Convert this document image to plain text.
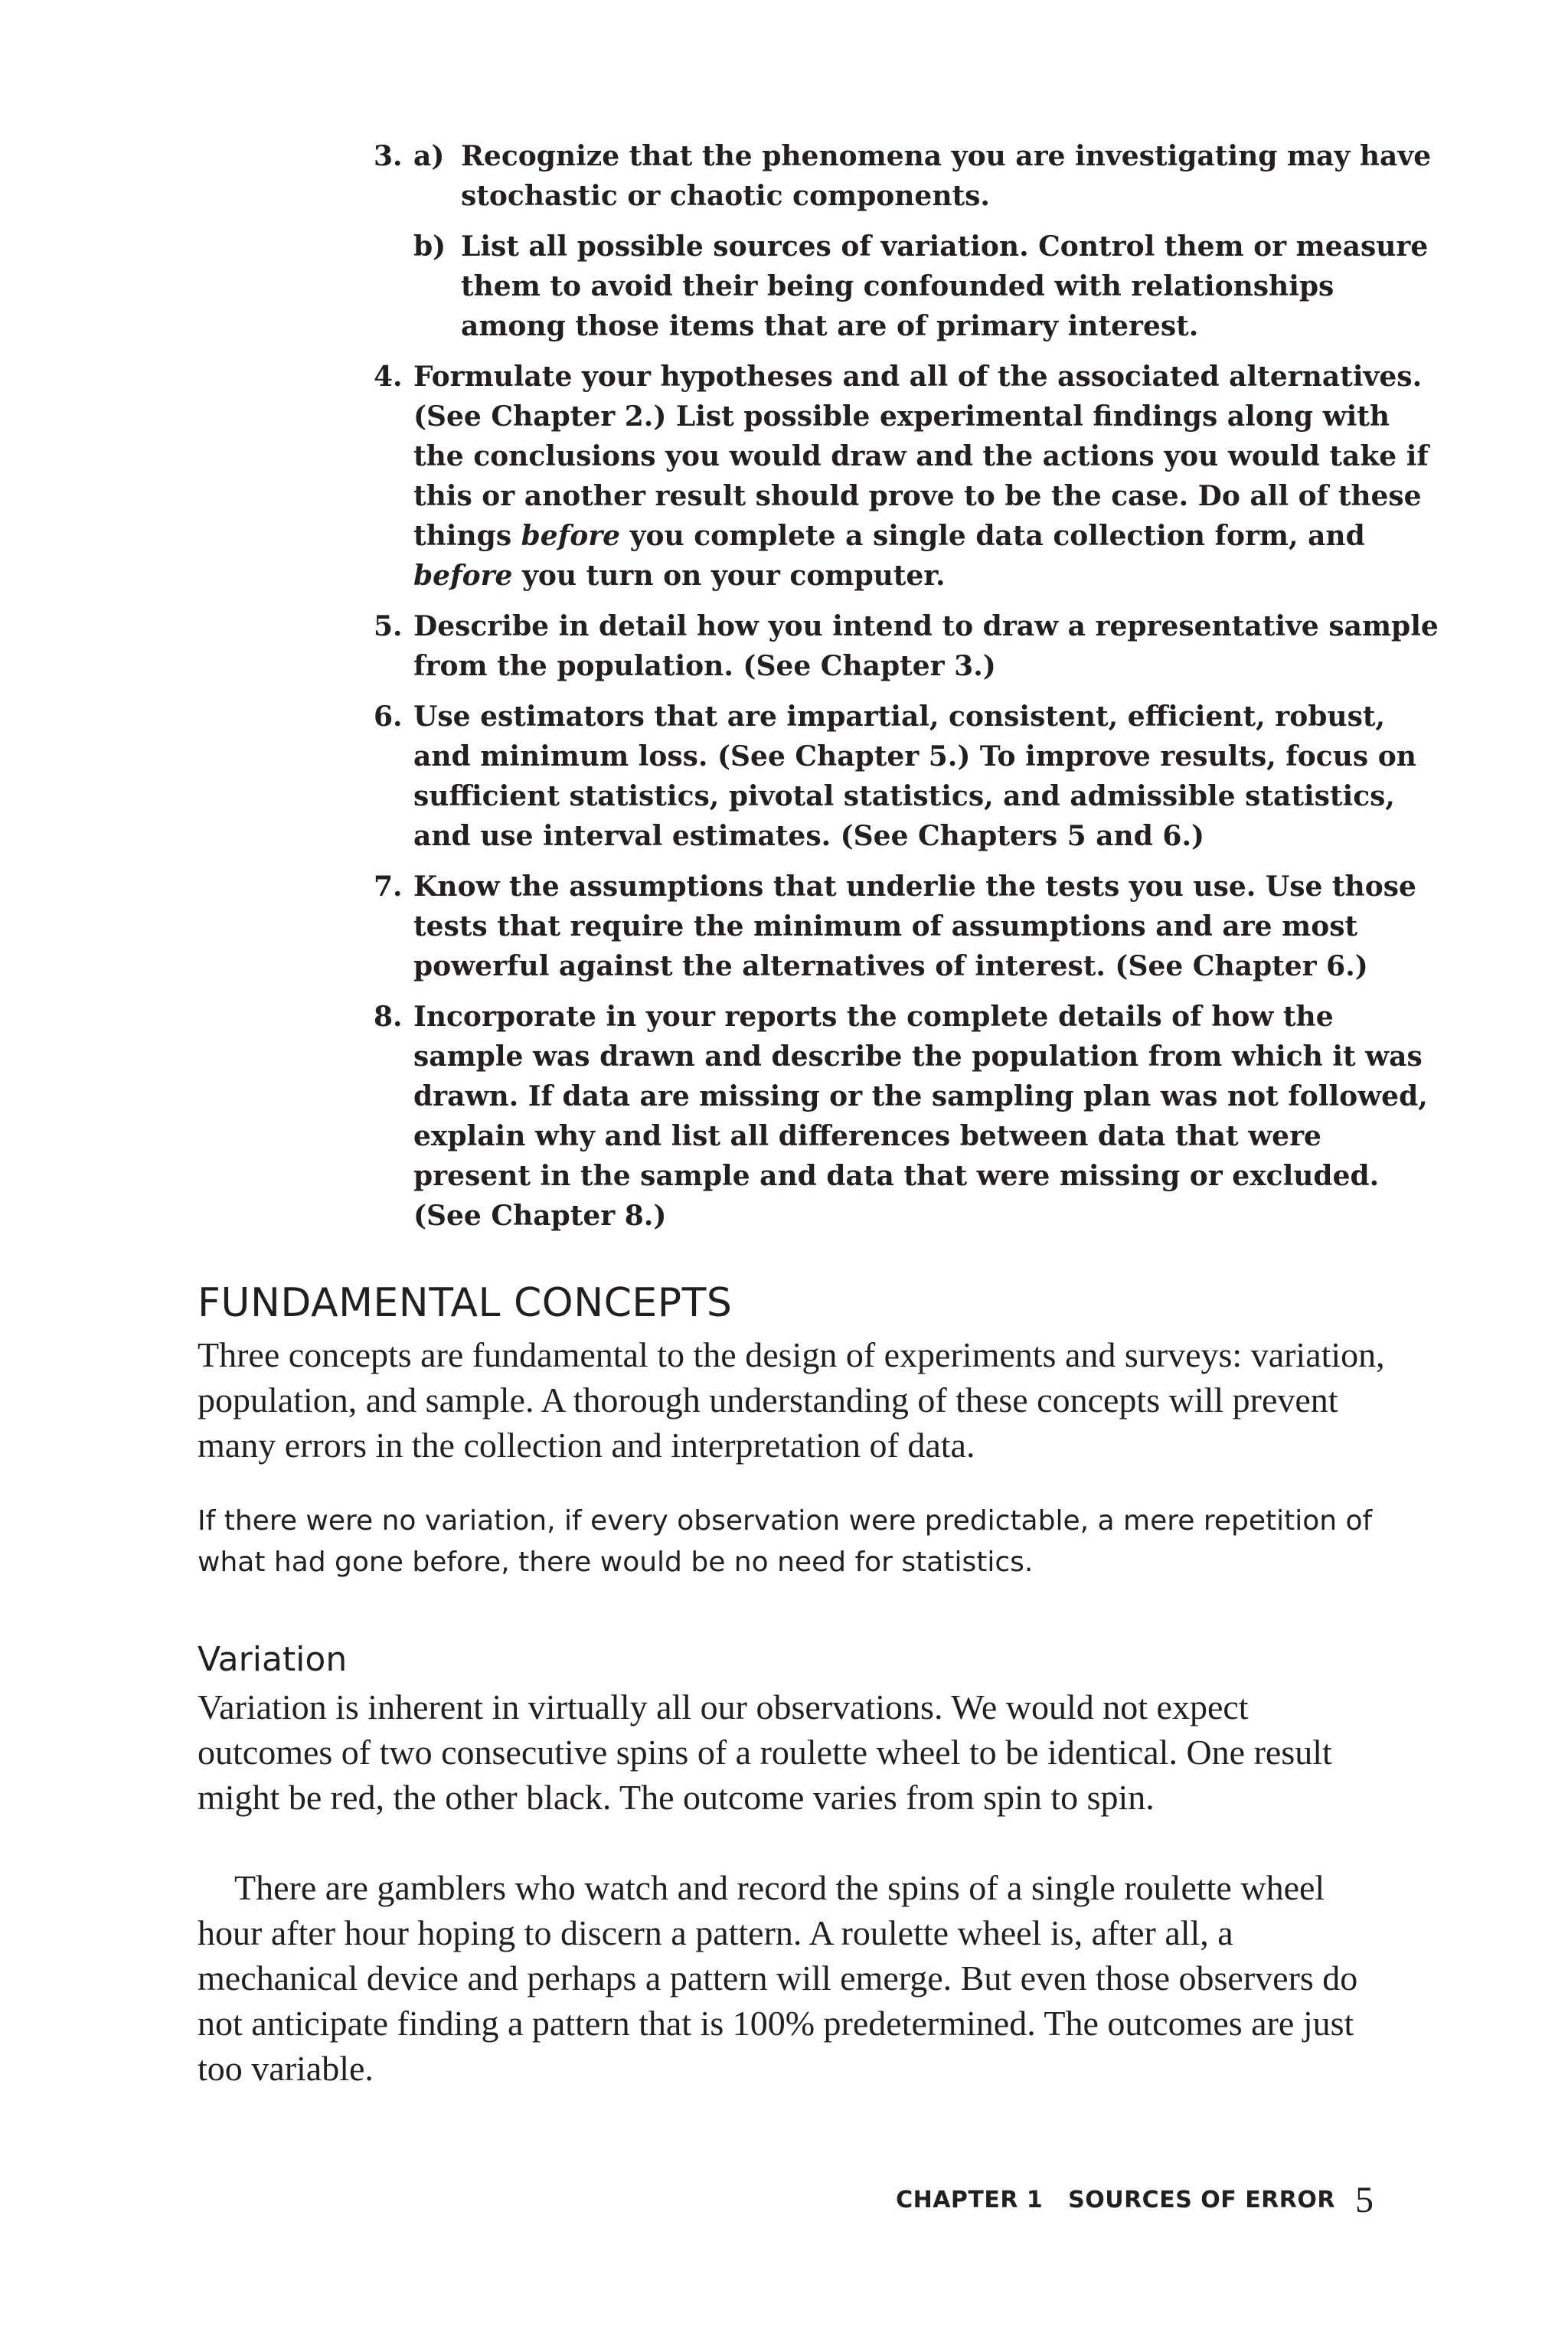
3. a) Recognize that the phenomena you are investigating may have stochastic or chaotic components.
b) List all possible sources of variation. Control them or measure them to avoid their being confounded with relationships among those items that are of primary interest.
4. Formulate your hypotheses and all of the associated alternatives. (See Chapter 2.) List possible experimental findings along with the conclusions you would draw and the actions you would take if this or another result should prove to be the case. Do all of these things before you complete a single data collection form, and before you turn on your computer.
5. Describe in detail how you intend to draw a representative sample from the population. (See Chapter 3.)
6. Use estimators that are impartial, consistent, efficient, robust, and minimum loss. (See Chapter 5.) To improve results, focus on sufficient statistics, pivotal statistics, and admissible statistics, and use interval estimates. (See Chapters 5 and 6.)
7. Know the assumptions that underlie the tests you use. Use those tests that require the minimum of assumptions and are most powerful against the alternatives of interest. (See Chapter 6.)
8. Incorporate in your reports the complete details of how the sample was drawn and describe the population from which it was drawn. If data are missing or the sampling plan was not followed, explain why and list all differences between data that were present in the sample and data that were missing or excluded. (See Chapter 8.)
FUNDAMENTAL CONCEPTS
Three concepts are fundamental to the design of experiments and surveys: variation, population, and sample. A thorough understanding of these concepts will prevent many errors in the collection and interpretation of data.
If there were no variation, if every observation were predictable, a mere repetition of what had gone before, there would be no need for statistics.
Variation
Variation is inherent in virtually all our observations. We would not expect outcomes of two consecutive spins of a roulette wheel to be identical. One result might be red, the other black. The outcome varies from spin to spin.
There are gamblers who watch and record the spins of a single roulette wheel hour after hour hoping to discern a pattern. A roulette wheel is, after all, a mechanical device and perhaps a pattern will emerge. But even those observers do not anticipate finding a pattern that is 100% predetermined. The outcomes are just too variable.
CHAPTER 1   SOURCES OF ERROR 5
